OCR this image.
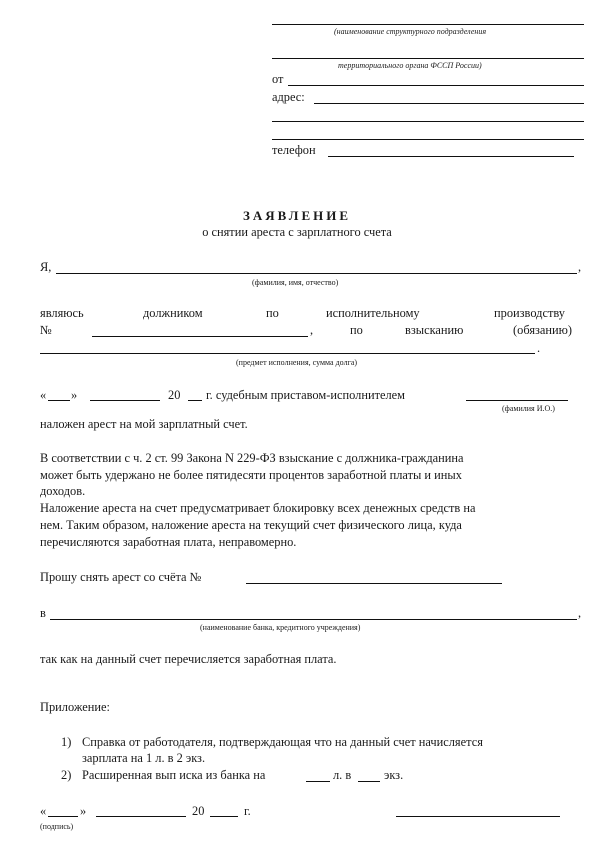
(наименование структурного подразделения
территориального органа ФССП России)
от
адрес:
телефон
ЗАЯВЛЕНИЕ
о снятии ареста с зарплатного счета
Я,	,
(фамилия, имя, отчество)
являюсь	должником	по	исполнительному	производству
№	,	по	взысканию	(обязанию)
.
(предмет исполнения, сумма долга)
« »	20 г. судебным приставом-исполнителем
(фамилия И.О.)
наложен арест на мой зарплатный счет.
В соответствии с ч. 2 ст. 99 Закона N 229-ФЗ взыскание с должника-гражданина
может быть удержано не более пятидесяти процентов заработной платы и иных
доходов.
Наложение ареста на счет предусматривает блокировку всех денежных средств на
нем. Таким образом, наложение ареста на текущий счет физического лица, куда
перечисляются заработная плата, неправомерно.
Прошу снять арест со счёта №
в	,
(наименование банка, кредитного учреждения)
так как на данный счет перечисляется заработная плата.
Приложение:
1) Справка от работодателя, подтверждающая что на данный счет начисляется
зарплата на 1 л. в 2 экз.
2) Расширенная вып иска из банка на	л. в	экз.
«	»	20	г.
(подпись)
